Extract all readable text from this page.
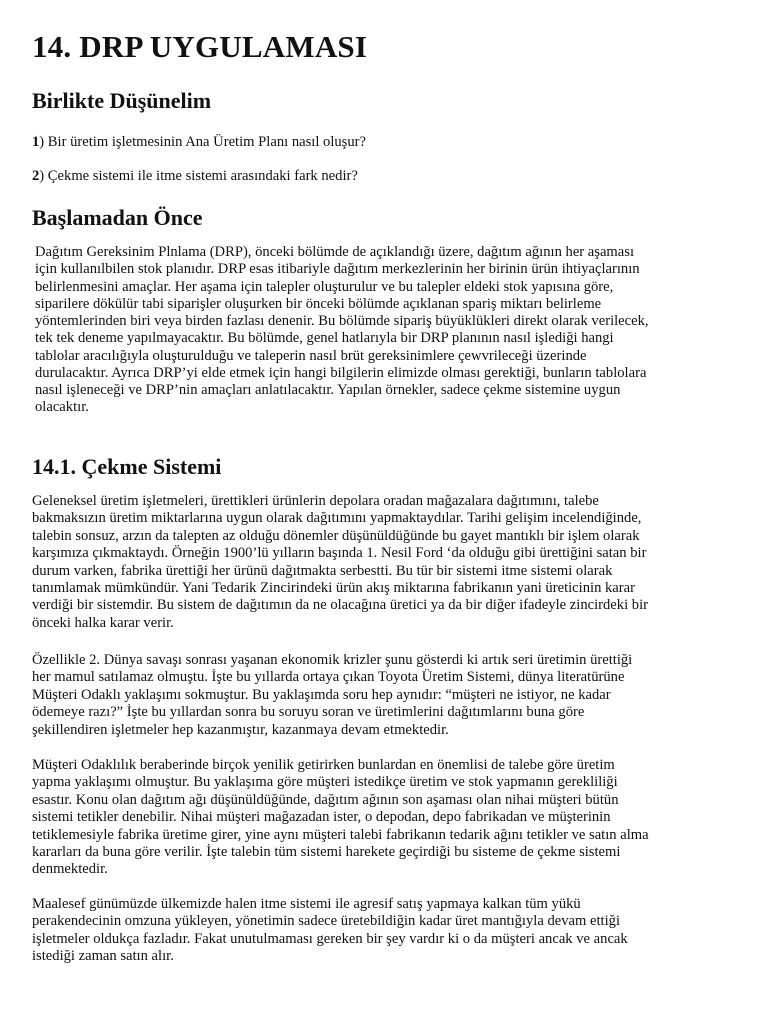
14. DRP UYGULAMASI
Birlikte Düşünelim

1) Bir üretim işletmesinin Ana Üretim Planı nasıl oluşur?

2) Çekme sistemi ile itme sistemi arasındaki fark nedir?

Başlamadan Önce
Dağıtım Gereksinim Plnlama (DRP), önceki bölümde de açıklandığı üzere, dağıtım ağının her aşaması
için kullanılbilen stok planıdır. DRP esas itibariyle dağıtım merkezlerinin her birinin ürün ihtiyaçlarının
belirlenmesini amaçlar. Her aşama için talepler oluşturulur ve bu talepler eldeki stok yapısına göre,
siparilere dökülür tabi siparişler oluşurken bir önceki bölümde açıklanan spariş miktarı belirleme
yöntemlerinden biri veya birden fazlası denenir. Bu bölümde sipariş büyüklükleri direkt olarak verilecek,
tek tek deneme yapılmayacaktır. Bu bölümde, genel hatlarıyla bir DRP planının nasıl işlediği hangi
tablolar aracılığıyla oluşturulduğu ve taleperin nasıl brüt gereksinimlere çewvrileceği üzerinde
durulacaktır. Ayrıca DRP’yi elde etmek için hangi bilgilerin elimizde olması gerektiği, bunların tablolara
nasıl işleneceği ve DRP’nin amaçları anlatılacaktır. Yapılan örnekler, sadece çekme sistemine uygun
olacaktır.
14.1. Çekme Sistemi
Geleneksel üretim işletmeleri, ürettikleri ürünlerin depolara oradan mağazalara dağıtımını, talebe
bakmaksızın üretim miktarlarına uygun olarak dağıtımını yapmaktaydılar. Tarihi gelişim incelendiğinde,
talebin sonsuz, arzın da talepten az olduğu dönemler düşünüldüğünde bu gayet mantıklı bir işlem olarak
karşımıza çıkmaktaydı. Örneğin 1900’lü yılların başında 1. Nesil Ford ‘da olduğu gibi ürettiğini satan bir
durum varken, fabrika ürettiği her ürünü dağıtmakta serbestti. Bu tür bir sistemi itme sistemi olarak
tanımlamak mümkündür. Yani Tedarik Zincirindeki ürün akış miktarına fabrikanın yani üreticinin karar
verdiği bir sistemdir. Bu sistem de dağıtımın da ne olacağına üretici ya da bir diğer ifadeyle zincirdeki bir
önceki halka karar verir.
Özellikle 2. Dünya savaşı sonrası yaşanan ekonomik krizler şunu gösterdi ki artık seri üretimin ürettiği
her mamul satılamaz olmuştu. İşte bu yıllarda ortaya çıkan Toyota Üretim Sistemi, dünya literatürüne
Müşteri Odaklı yaklaşımı sokmuştur. Bu yaklaşımda soru hep aynıdır: “müşteri ne istiyor, ne kadar
ödemeye razı?” İşte bu yıllardan sonra bu soruyu soran ve üretimlerini dağıtımlarını buna göre
şekillendiren işletmeler hep kazanmıştır, kazanmaya devam etmektedir.
Müşteri Odaklılık beraberinde birçok yenilik getirirken bunlardan en önemlisi de talebe göre üretim
yapma yaklaşımı olmuştur. Bu yaklaşıma göre müşteri istedikçe üretim ve stok yapmanın gerekliliği
esastır. Konu olan dağıtım ağı düşünüldüğünde, dağıtım ağının son aşaması olan nihai müşteri bütün
sistemi tetikler denebilir. Nihai müşteri mağazadan ister, o depodan, depo fabrikadan ve müşterinin
tetiklemesiyle fabrika üretime girer, yine aynı müşteri talebi fabrikanın tedarik ağını tetikler ve satın alma
kararları da buna göre verilir. İşte talebin tüm sistemi harekete geçirdiği bu sisteme de çekme sistemi
denmektedir.
Maalesef günümüzde ülkemizde halen itme sistemi ile agresif satış yapmaya kalkan tüm yükü
perakendecinin omzuna yükleyen, yönetimin sadece üretebildiğin kadar üret mantığıyla devam ettiği
işletmeler oldukça fazladır. Fakat unutulmaması gereken bir şey vardır ki o da müşteri ancak ve ancak
istediği zaman satın alır.
